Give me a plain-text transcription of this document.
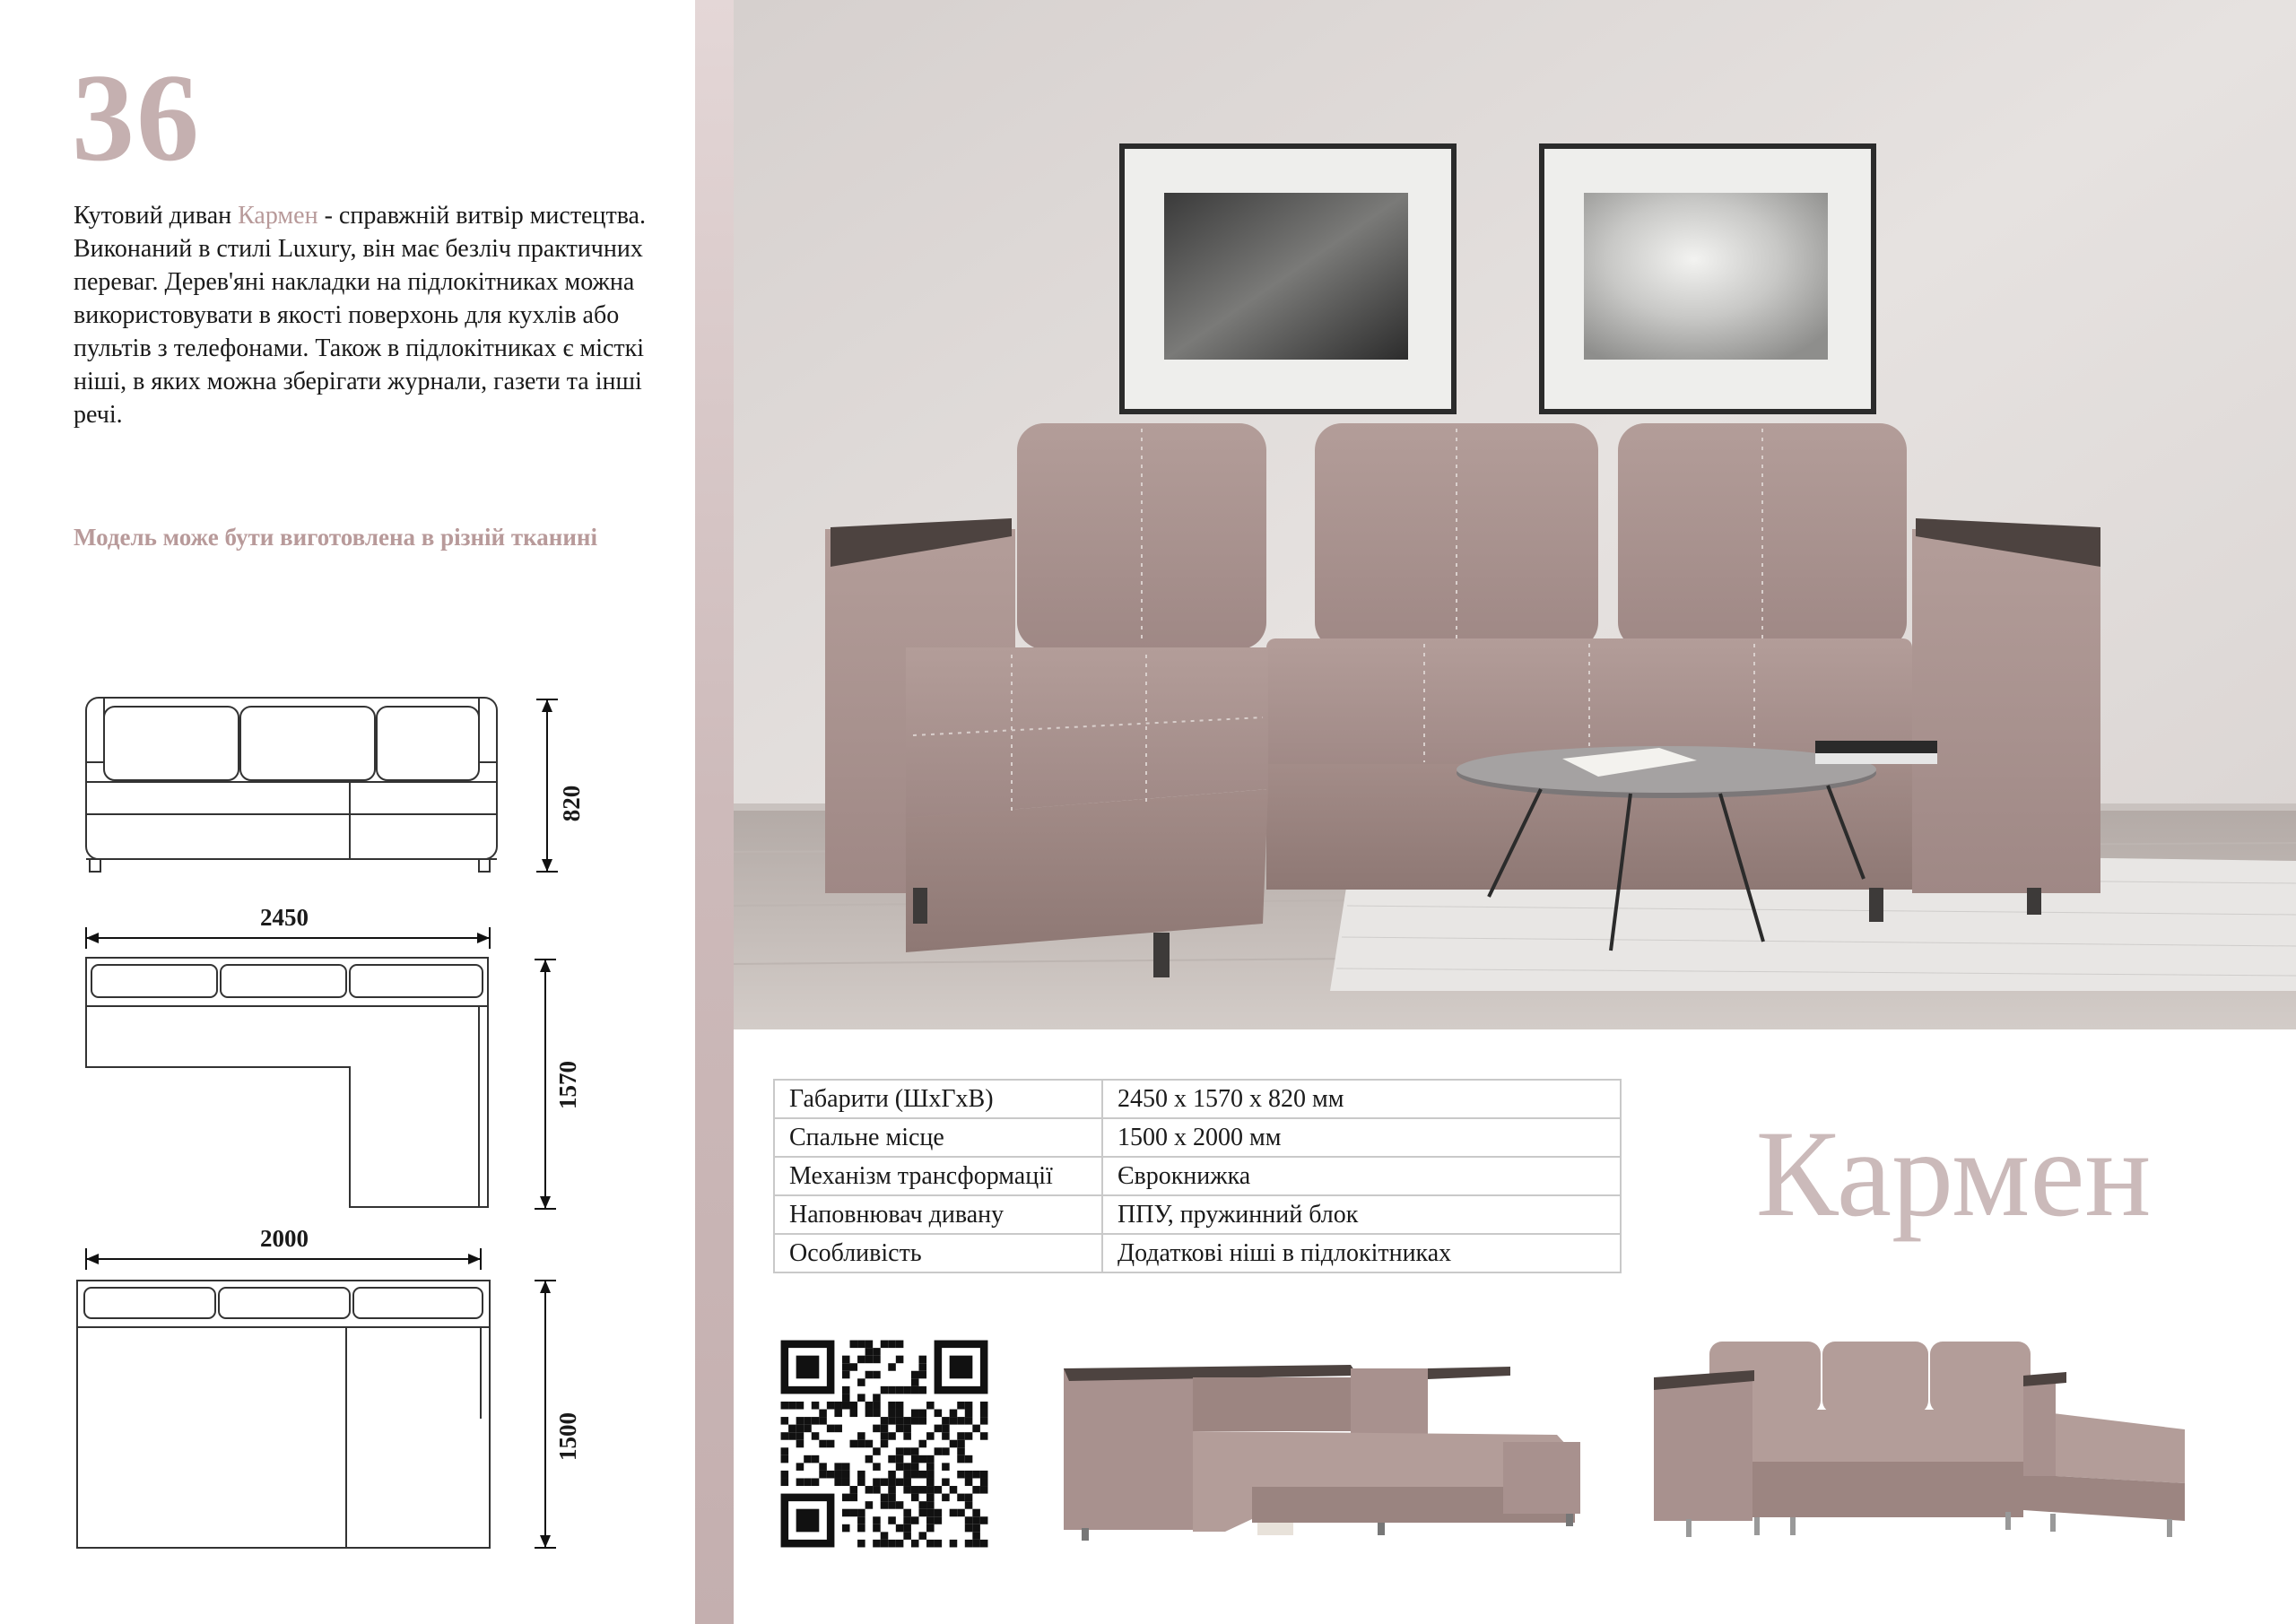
36
Кутовий диван Кармен - справжній витвір мистецтва. Виконаний в стилі Luxury, він має безліч практичних переваг. Дерев'яні накладки на підлокітниках можна використовувати в якості поверхонь для кухлів або пультів з телефонами. Також в підлокітниках є місткі ніші, в яких можна зберігати журнали, газети та інші речі.
Модель може бути виготовлена в різній тканині
820
2450
1570
2000
1500
Габарити (ШхГхВ)	2450 х 1570 х 820 мм
Спальне місце	1500 х 2000 мм
Механізм трансформації	Єврокнижка
Наповнювач дивану	ППУ, пружинний блок
Особливість	Додаткові ніші в підлокітниках
Кармен
